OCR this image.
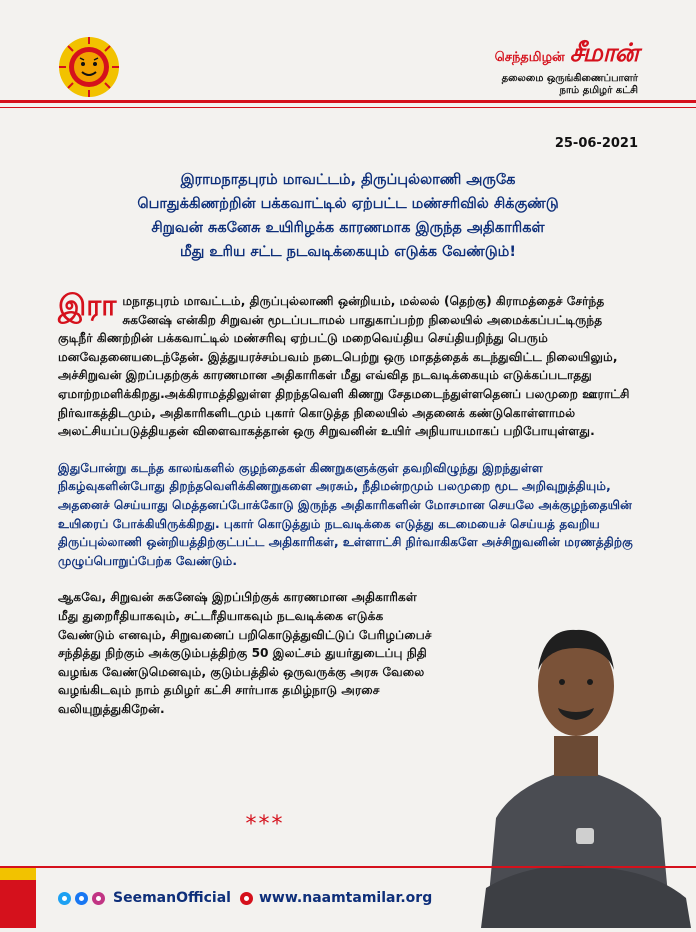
செந்தமிழன் சீமான்
தலைமை ஒருங்கிணைப்பாளர்
நாம் தமிழர் கட்சி
25-06-2021
இராமநாதபுரம் மாவட்டம், திருப்புல்லாணி அருகே
பொதுக்கிணற்றின் பக்கவாட்டில் ஏற்பட்ட மண்சரிவில் சிக்குண்டு
சிறுவன் சுகனேசு உயிரிழக்க காரணமாக இருந்த அதிகாரிகள்
மீது உரிய சட்ட நடவடிக்கையும் எடுக்க வேண்டும்!

இரா மநாதபுரம் மாவட்டம், திருப்புல்லாணி ஒன்றியம், மல்லல் (தெற்கு) கிராமத்தைச் சேர்ந்த சுகனேஷ் என்கிற சிறுவன் மூடப்படாமல் பாதுகாப்பற்ற நிலையில் அமைக்கப்பட்டிருந்த குடிநீர் கிணற்றின் பக்கவாட்டில் மண்சரிவு ஏற்பட்டு மறைவெய்திய செய்தியறிந்து பெரும் மனவேதனையடைந்தேன். இத்துயரச்சம்பவம் நடைபெற்று ஒரு மாதத்தைக் கடந்துவிட்ட நிலையிலும், அச்சிறுவன் இறப்பதற்குக் காரணமான அதிகாரிகள் மீது எவ்வித நடவடிக்கையும் எடுக்கப்படாதது ஏமாற்றமளிக்கிறது.அக்கிராமத்திலுள்ள திறந்தவெளி கிணறு சேதமடைந்துள்ளதெனப் பலமுறை ஊராட்சி நிர்வாகத்திடமும், அதிகாரிகளிடமும் புகார் கொடுத்த நிலையில் அதனைக் கண்டுகொள்ளாமல் அலட்சியப்படுத்தியதன் விளைவாகத்தான் ஒரு சிறுவனின் உயிர் அநியாயமாகப் பறிபோயுள்ளது.

இதுபோன்று கடந்த காலங்களில் குழந்தைகள் கிணறுகளுக்குள் தவறிவிழுந்து இறந்துள்ள நிகழ்வுகளின்போது திறந்தவெளிக்கிணறுகளை அரசும், நீதிமன்றமும் பலமுறை மூட அறிவுறுத்தியும், அதனைச் செய்யாது மெத்தனப்போக்கோடு இருந்த அதிகாரிகளின் மோசமான செயலே அக்குழந்தையின் உயிரைப் போக்கியிருக்கிறது. புகார் கொடுத்தும் நடவடிக்கை எடுத்து கடமையைச் செய்யத் தவறிய திருப்புல்லாணி ஒன்றியத்திற்குட்பட்ட அதிகாரிகள், உள்ளாட்சி நிர்வாகிகளே அச்சிறுவனின் மரணத்திற்கு முழுப்பொறுப்பேற்க வேண்டும்.

ஆகவே, சிறுவன் சுகனேஷ் இறப்பிற்குக் காரணமான அதிகாரிகள் மீது துறைரீதியாகவும், சட்டரீதியாகவும் நடவடிக்கை எடுக்க வேண்டும் எனவும், சிறுவனைப் பறிகொடுத்துவிட்டுப் பேரிழப்பைச் சந்தித்து நிற்கும் அக்குடும்பத்திற்கு 50 இலட்சம் துயர்துடைப்பு நிதி வழங்க வேண்டுமெனவும், குடும்பத்தில் ஒருவருக்கு அரசு வேலை வழங்கிடவும் நாம் தமிழர் கட்சி சார்பாக தமிழ்நாடு அரசை வலியுறுத்துகிறேன்.

***
SeemanOfficial www.naamtamilar.org
